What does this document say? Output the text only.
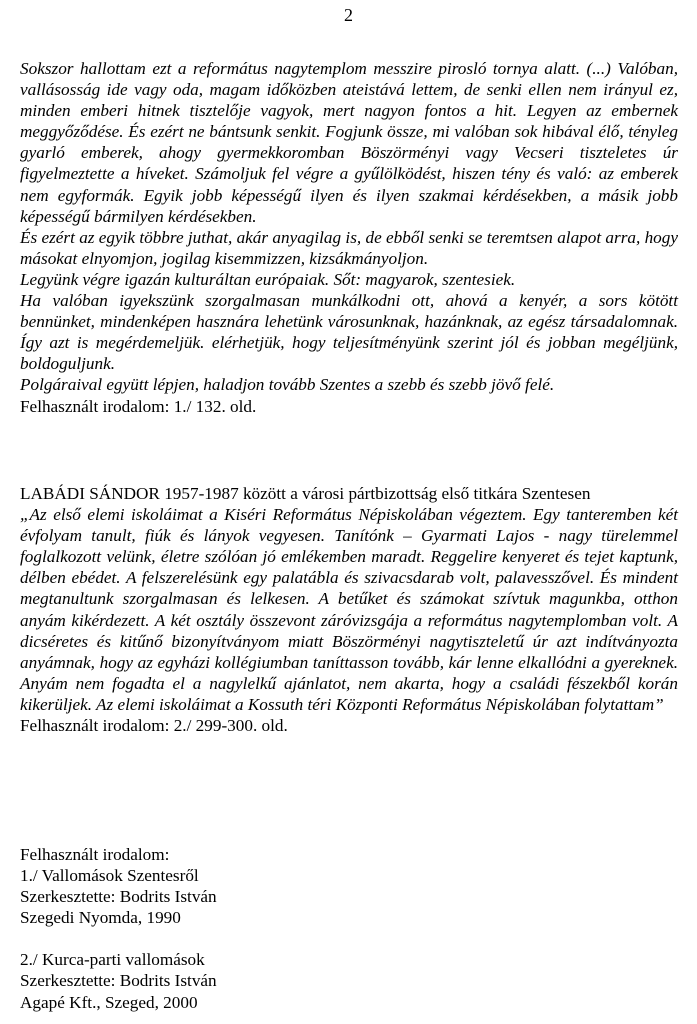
2

Sokszor hallottam ezt a református nagytemplom messzire pirosló tornya alatt. (...) Valóban, vallásosság ide vagy oda, magam időközben ateistává lettem, de senki ellen nem irányul ez, minden emberi hitnek tisztelője vagyok, mert nagyon fontos a hit. Legyen az embernek meggyőződése. És ezért ne bántsunk senkit. Fogjunk össze, mi valóban sok hibával élő, tényleg gyarló emberek, ahogy gyermekkoromban Böszörményi vagy Vecseri tiszteletes úr figyelmeztette a híveket. Számoljuk fel végre a gyűlölködést, hiszen tény és való: az emberek nem egyformák. Egyik jobb képességű ilyen és ilyen szakmai kérdésekben, a másik jobb képességű bármilyen kérdésekben.

És ezért az egyik többre juthat, akár anyagilag is, de ebből senki se teremtsen alapot arra, hogy másokat elnyomjon, jogilag kisemmizzen, kizsákmányoljon.

Legyünk végre igazán kulturáltan európaiak. Sőt: magyarok, szentesiek.

Ha valóban igyekszünk szorgalmasan munkálkodni ott, ahová a kenyér, a sors kötött bennünket, mindenképen hasznára lehetünk városunknak, hazánknak, az egész társadalomnak. Így azt is megérdemeljük. elérhetjük, hogy teljesítményünk szerint jól és jobban megéljünk, boldoguljunk.

Polgáraival együtt lépjen, haladjon tovább Szentes a szebb és szebb jövő felé.

Felhasznált irodalom: 1./ 132. old.

LABÁDI SÁNDOR 1957-1987 között a városi pártbizottság első titkára Szentesen

„Az első elemi iskoláimat a Kiséri Református Népiskolában végeztem. Egy tanteremben két évfolyam tanult, fiúk és lányok vegyesen. Tanítónk – Gyarmati Lajos - nagy türelemmel foglalkozott velünk, életre szólóan jó emlékemben maradt. Reggelire kenyeret és tejet kaptunk, délben ebédet. A felszerelésünk egy palatábla és szivacsdarab volt, palavesszővel. És mindent megtanultunk szorgalmasan és lelkesen. A betűket és számokat szívtuk magunkba, otthon anyám kikérdezett. A két osztály összevont záróvizsgája a református nagytemplomban volt. A dicséretes és kitűnő bizonyítványom miatt Böszörményi nagytiszteletű úr azt indítványozta anyámnak, hogy az egyházi kollégiumban taníttasson tovább, kár lenne elkallódni a gyereknek. Anyám nem fogadta el a nagylelkű ajánlatot, nem akarta, hogy a családi fészekből korán kikerüljek. Az elemi iskoláimat a Kossuth téri Központi Református Népiskolában folytattam”

Felhasznált irodalom: 2./ 299-300. old.

Felhasznált irodalom:

1./ Vallomások Szentesről

Szerkesztette: Bodrits István

Szegedi Nyomda, 1990

2./ Kurca-parti vallomások

Szerkesztette: Bodrits István

Agapé Kft., Szeged, 2000
